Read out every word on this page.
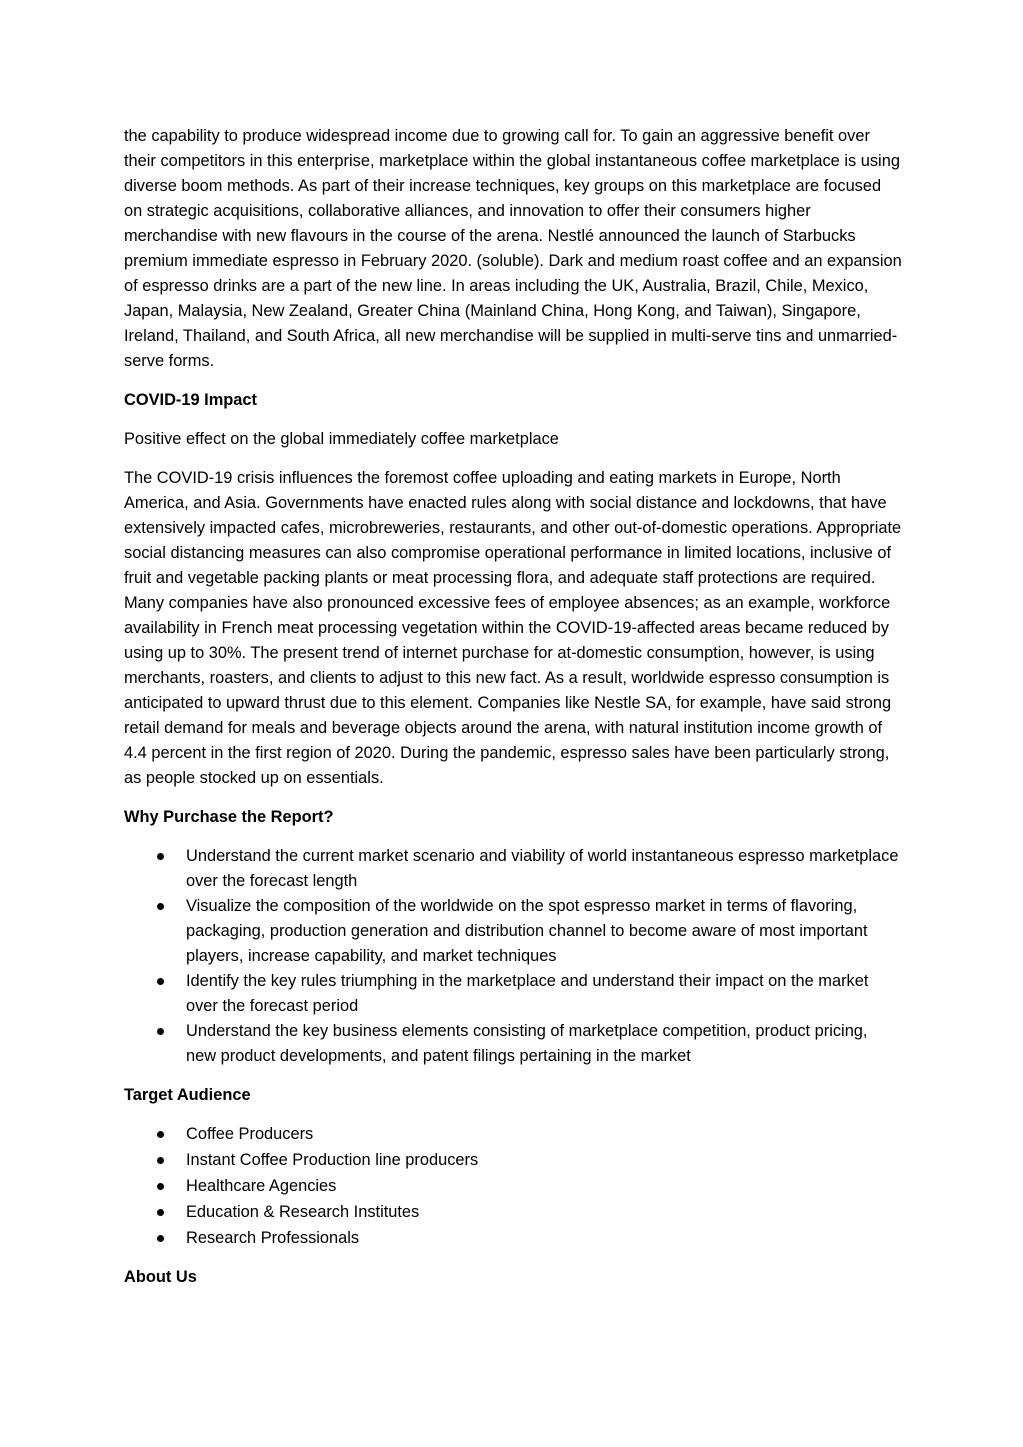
the capability to produce widespread income due to growing call for. To gain an aggressive benefit over their competitors in this enterprise, marketplace within the global instantaneous coffee marketplace is using diverse boom methods. As part of their increase techniques, key groups on this marketplace are focused on strategic acquisitions, collaborative alliances, and innovation to offer their consumers higher merchandise with new flavours in the course of the arena. Nestlé announced the launch of Starbucks premium immediate espresso in February 2020. (soluble). Dark and medium roast coffee and an expansion of espresso drinks are a part of the new line. In areas including the UK, Australia, Brazil, Chile, Mexico, Japan, Malaysia, New Zealand, Greater China (Mainland China, Hong Kong, and Taiwan), Singapore, Ireland, Thailand, and South Africa, all new merchandise will be supplied in multi-serve tins and unmarried-serve forms.

COVID-19 Impact

Positive effect on the global immediately coffee marketplace

The COVID-19 crisis influences the foremost coffee uploading and eating markets in Europe, North America, and Asia. Governments have enacted rules along with social distance and lockdowns, that have extensively impacted cafes, microbreweries, restaurants, and other out-of-domestic operations. Appropriate social distancing measures can also compromise operational performance in limited locations, inclusive of fruit and vegetable packing plants or meat processing flora, and adequate staff protections are required. Many companies have also pronounced excessive fees of employee absences; as an example, workforce availability in French meat processing vegetation within the COVID-19-affected areas became reduced by using up to 30%. The present trend of internet purchase for at-domestic consumption, however, is using merchants, roasters, and clients to adjust to this new fact. As a result, worldwide espresso consumption is anticipated to upward thrust due to this element. Companies like Nestle SA, for example, have said strong retail demand for meals and beverage objects around the arena, with natural institution income growth of 4.4 percent in the first region of 2020. During the pandemic, espresso sales have been particularly strong, as people stocked up on essentials.

Why Purchase the Report?

Understand the current market scenario and viability of world instantaneous espresso marketplace over the forecast length
Visualize the composition of the worldwide on the spot espresso market in terms of flavoring, packaging, production generation and distribution channel to become aware of most important players, increase capability, and market techniques
Identify the key rules triumphing in the marketplace and understand their impact on the market over the forecast period
Understand the key business elements consisting of marketplace competition, product pricing, new product developments, and patent filings pertaining in the market

Target Audience

Coffee Producers
Instant Coffee Production line producers
Healthcare Agencies
Education & Research Institutes
Research Professionals

About Us
